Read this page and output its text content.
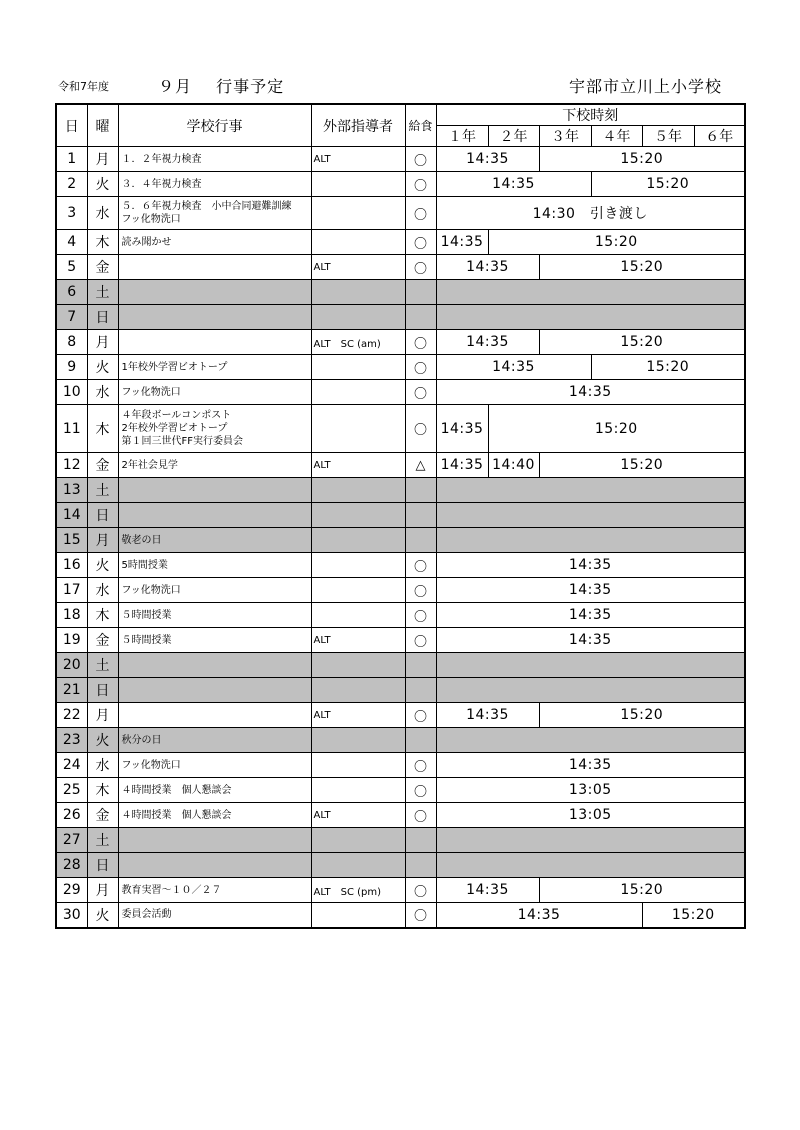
令和7年度	９月 行事予定	宇部市立川上小学校
日	曜	学校行事	外部指導者	給食	下校時刻					
					１年	２年	３年	４年	５年	６年
1	月	１．２年視力検査	ALT	〇	14:35		15:20			
2	火	３．４年視力検査		〇	14:35			15:20		
3	水	５．６年視力検査　小中合同避難訓練
フッ化物洗口		〇	14:30　引き渡し					
4	木	読み聞かせ		〇	14:35	15:20				
5	金		ALT	〇	14:35		15:20			
6	土						

7	日						

8	月		ALT　SC (am)	〇	14:35		15:20			
9	火	1年校外学習ビオトープ		〇	14:35			15:20		
10	水	フッ化物洗口		〇	14:35					
11	木	４年段ボールコンポスト
2年校外学習ビオトープ
第１回三世代FF実行委員会		〇	14:35	15:20				
12	金	2年社会見学	ALT	△	14:35	14:40	15:20			
13	土						

14	日						

15	月	敬老の日								

16	火	5時間授業		〇	14:35					
17	水	フッ化物洗口		〇	14:35					
18	木	５時間授業		〇	14:35					
19	金	５時間授業	ALT	〇	14:35					
20	土						

21	日						

22	月		ALT	〇	14:35		15:20			
23	火	秋分の日								

24	水	フッ化物洗口		〇	14:35					
25	木	４時間授業　個人懇談会		〇	13:05					
26	金	４時間授業　個人懇談会	ALT	〇	13:05					
27	土						

28	日						

29	月	教育実習～１０／２７	ALT　SC (pm)	〇	14:35		15:20			
30	火	委員会活動		〇	14:35				15:20	
